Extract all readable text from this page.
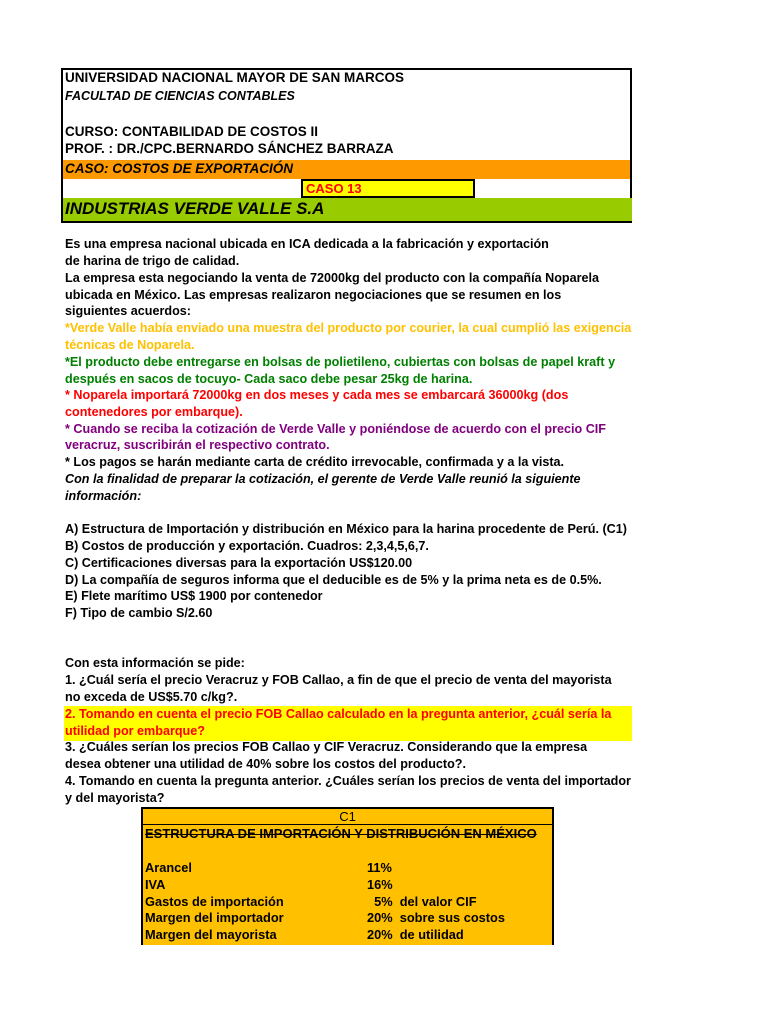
UNIVERSIDAD NACIONAL MAYOR DE SAN MARCOS
FACULTAD DE CIENCIAS CONTABLES
CURSO: CONTABILIDAD DE COSTOS II
PROF. : DR./CPC.BERNARDO SÁNCHEZ BARRAZA
CASO: COSTOS DE EXPORTACIÓN
CASO 13
INDUSTRIAS VERDE VALLE S.A
Es una empresa nacional ubicada en ICA dedicada a la fabricación y exportación
de harina de trigo de calidad.
La empresa esta negociando la venta de 72000kg del producto con la compañía Noparela
ubicada en México. Las empresas realizaron negociaciones que se resumen en los
siguientes acuerdos:
*Verde Valle había enviado una muestra del producto por courier, la cual cumplió las exigencia
técnicas de Noparela.
*El producto debe entregarse en bolsas de polietileno, cubiertas con bolsas de papel kraft y
después en sacos de tocuyo- Cada saco debe pesar 25kg de harina.
* Noparela importará 72000kg en dos meses y cada mes se embarcará 36000kg (dos
contenedores por embarque).
* Cuando se reciba la cotización de Verde Valle y poniéndose de acuerdo con el precio CIF
veracruz, suscribirán el respectivo contrato.
* Los pagos se harán mediante carta de crédito irrevocable, confirmada y a la vista.
Con la finalidad de preparar la cotización, el gerente de Verde Valle reunió la siguiente
información:
A) Estructura de Importación y distribución en México para la harina procedente de Perú. (C1)
B) Costos de producción y exportación. Cuadros: 2,3,4,5,6,7.
C) Certificaciones diversas para la exportación US$120.00
D) La compañía de seguros informa que el deducible es de 5% y la prima neta es de 0.5%.
E) Flete marítimo US$ 1900 por contenedor
F) Tipo de cambio S/2.60
Con esta información se pide:
1. ¿Cuál sería el precio Veracruz y FOB Callao, a fin de que el precio de venta del mayorista
no exceda de US$5.70 c/kg?.
2. Tomando en cuenta el precio FOB Callao calculado en la pregunta anterior, ¿cuál sería la
utilidad por embarque?
3. ¿Cuáles serían los precios FOB Callao y CIF Veracruz. Considerando que la empresa
desea obtener una utilidad de 40% sobre los costos del producto?.
4. Tomando en cuenta la pregunta anterior. ¿Cuáles serían los precios de venta del importador
y del mayorista?
C1
ESTRUCTURA DE IMPORTACIÓN Y DISTRIBUCIÓN EN MÉXICO
Arancel	11%
IVA	16%
Gastos de importación	5%  del valor CIF
Margen del importador	20%  sobre sus costos
Margen del mayorista	20%  de utilidad
